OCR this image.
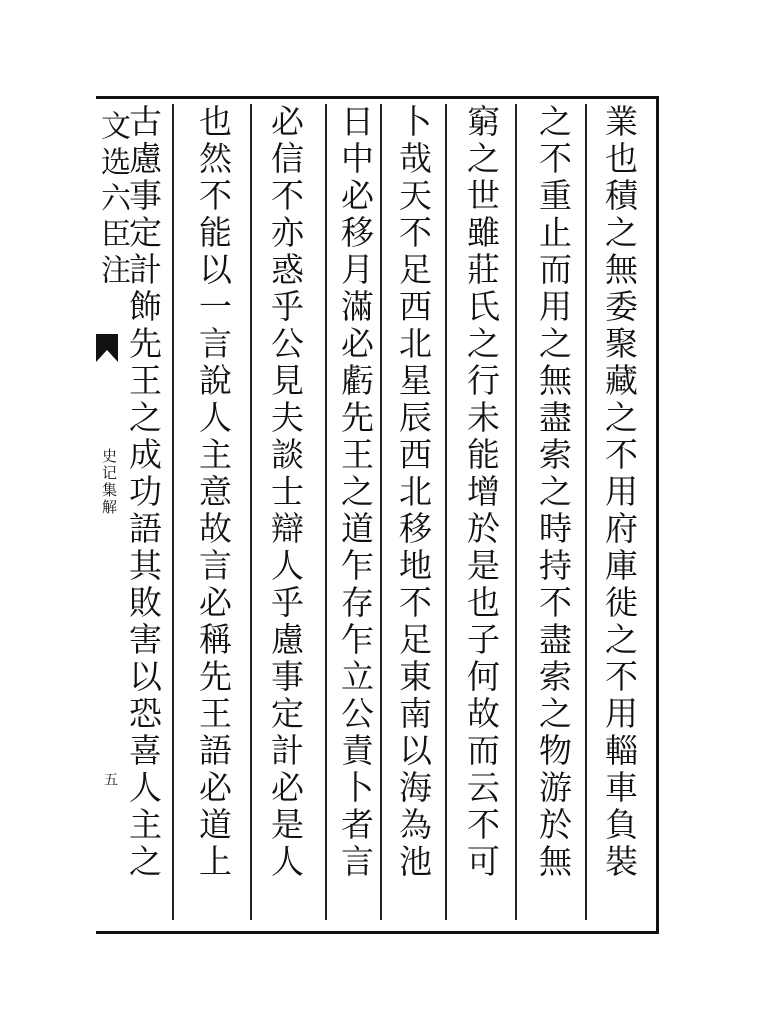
文选六臣注
史记集解
五	業也積之無委聚藏之不用府庫徙之不用輜車負裝
之不重止而用之無盡索之時持不盡索之物游於無
窮之世雖莊氏之行未能增於是也子何故而云不可
卜哉天不足西北星辰西北移地不足東南以海為池
日中必移月滿必虧先王之道乍存乍立公責卜者言
必信不亦惑乎公見夫談士辯人乎慮事定計必是人
也然不能以一言說人主意故言必稱先王語必道上
古慮事定計飾先王之成功語其敗害以恐喜人主之
